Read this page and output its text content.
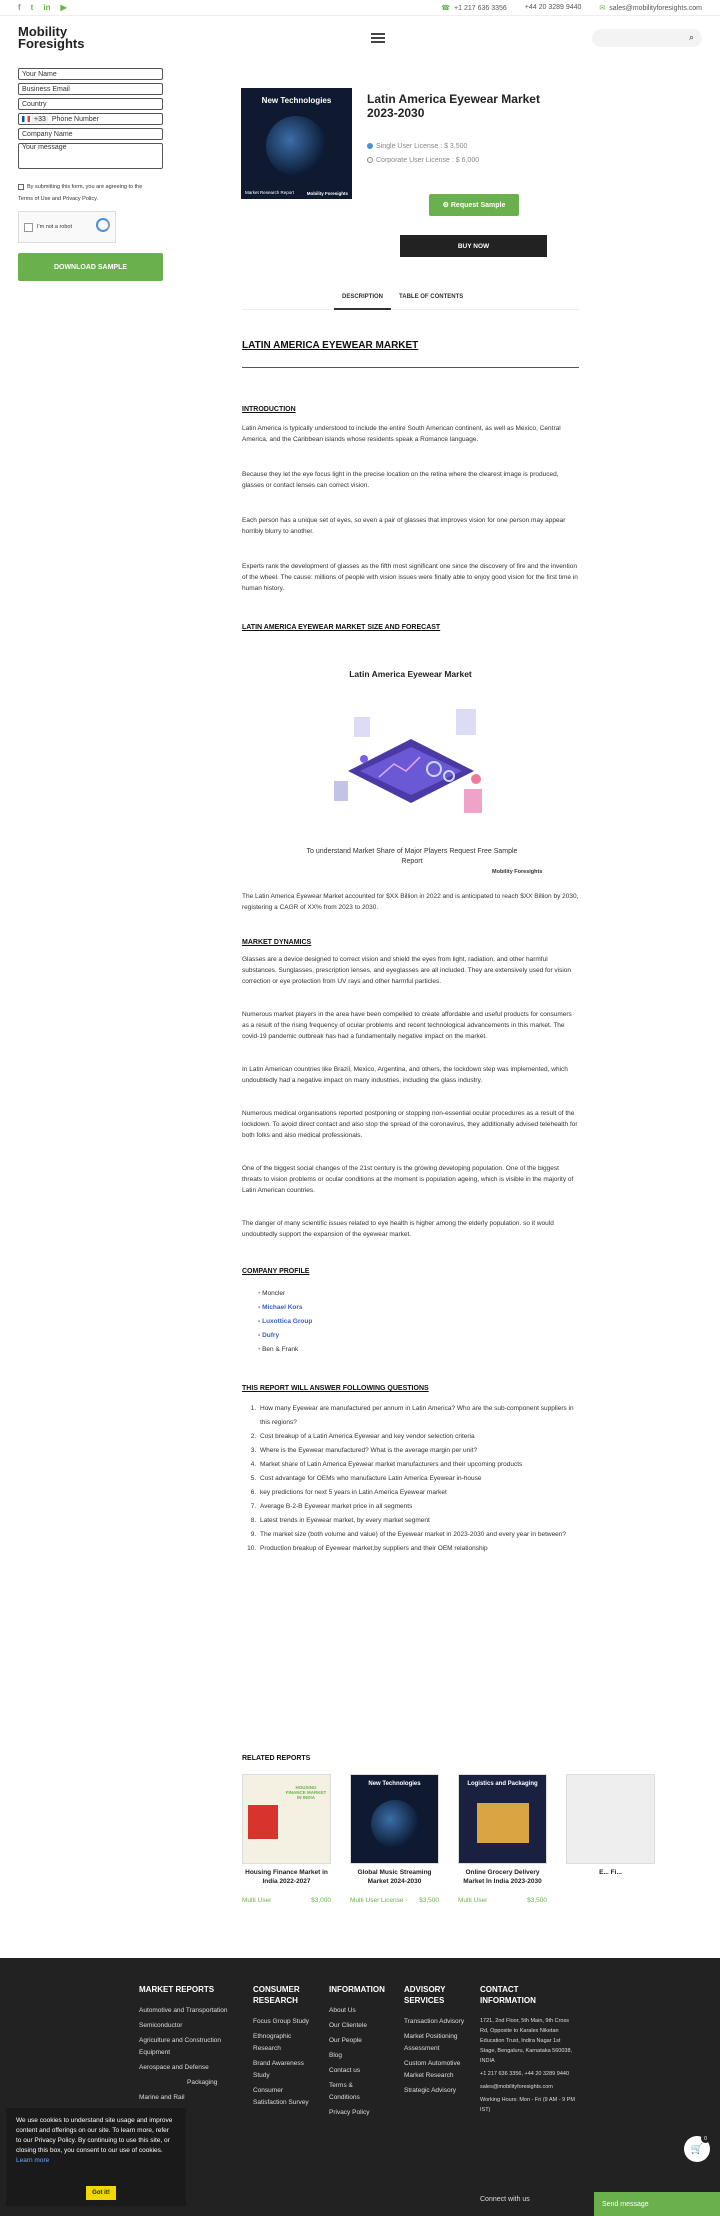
f t in ▶	☎ +1 217 636 3356	+44 20 3289 9440	✉ sales@mobilityforesights.com
Mobility
Foresights	⌕
Your Name
Business Email
Country
+33 Phone Number
Company Name
Your message
By submitting this form, you are agreeing to the
Terms of Use and Privacy Policy.
I'm not a robot
DOWNLOAD SAMPLE
New Technologies
Market Research Report	Mobility Foresights
Latin America Eyewear Market 2023-2030
Single User License : $ 3,500
Corporate User License : $ 6,000
⚙ Request Sample
BUY NOW
DESCRIPTION	TABLE OF CONTENTS
LATIN AMERICA EYEWEAR MARKET
INTRODUCTION

Latin America is typically understood to include the entire South American continent, as well as Mexico, Central America, and the Caribbean islands whose residents speak a Romance language.

Because they let the eye focus light in the precise location on the retina where the clearest image is produced, glasses or contact lenses can correct vision.

Each person has a unique set of eyes, so even a pair of glasses that improves vision for one person may appear horribly blurry to another.

Experts rank the development of glasses as the fifth most significant one since the discovery of fire and the invention of the wheel. The cause: millions of people with vision issues were finally able to enjoy good vision for the first time in human history.

LATIN AMERICA EYEWEAR MARKET SIZE AND FORECAST
Latin America Eyewear Market
To understand Market Share of Major Players Request Free Sample Report
Mobility Foresights

The Latin America Eyewear Market accounted for $XX Billion in 2022 and is anticipated to reach $XX Billion by 2030, registering a CAGR of XX% from 2023 to 2030.

MARKET DYNAMICS

Glasses are a device designed to correct vision and shield the eyes from light, radiation, and other harmful substances. Sunglasses, prescription lenses, and eyeglasses are all included. They are extensively used for vision correction or eye protection from UV rays and other harmful particles.

Numerous market players in the area have been compelled to create affordable and useful products for consumers as a result of the rising frequency of ocular problems and recent technological advancements in this market. The covid-19 pandemic outbreak has had a fundamentally negative impact on the market.

In Latin American countries like Brazil, Mexico, Argentina, and others, the lockdown step was implemented, which undoubtedly had a negative impact on many industries, including the glass industry.

Numerous medical organisations reported postponing or stopping non-essential ocular procedures as a result of the lockdown. To avoid direct contact and also stop the spread of the coronavirus, they additionally advised telehealth for both folks and also medical professionals.

One of the biggest social changes of the 21st century is the growing developing population. One of the biggest threats to vision problems or ocular conditions at the moment is population ageing, which is visible in the majority of Latin American countries.

The danger of many scientific issues related to eye health is higher among the elderly population. so it would undoubtedly support the expansion of the eyewear market.

COMPANY PROFILE
• Moncler
• Michael Kors
• Luxottica Group
• Dufry
• Ben & Frank
THIS REPORT WILL ANSWER FOLLOWING QUESTIONS
1. How many Eyewear are manufactured per annum in Latin America? Who are the sub-component suppliers in this regions?
2. Cost breakup of a Latin America Eyewear and key vendor selection criteria
3. Where is the Eyewear manufactured? What is the average margin per unit?
4. Market share of Latin America Eyewear market manufacturers and their upcoming products
5. Cost advantage for OEMs who manufacture Latin America Eyewear in-house
6. key predictions for next 5 years in Latin America Eyewear market
7. Average B-2-B Eyewear market price in all segments
8. Latest trends in Eyewear market, by every market segment
9. The market size (both volume and value) of the Eyewear market in 2023-2030 and every year in between?
10. Production breakup of Eyewear market,by suppliers and their OEM relationship
RELATED REPORTS
HOUSING FINANCE MARKET IN INDIA
Housing Finance Market in India 2022-2027
Multi User	$3,000
New Technologies
Global Music Streaming Market 2024-2030
Multi User License - $3,500
Logistics and Packaging
Online Grocery Delivery Market In India 2023-2030
Multi User	$3,500
E... Fi...
MARKET REPORTS
Automotive and Transportation
Semiconductor
Agriculture and Construction Equipment
Aerospace and Defense
Packaging
Marine and Rail
CONSUMER RESEARCH
Focus Group Study
Ethnographic Research
Brand Awareness Study
Consumer Satisfaction Survey
INFORMATION
About Us
Our Clientele
Our People
Blog
Contact us
Terms & Conditions
Privacy Policy
ADVISORY SERVICES
Transaction Advisory
Market Positioning Assessment
Custom Automotive Market Research
Strategic Advisory
CONTACT INFORMATION
1721, 2nd Floor, 5th Main, 9th Cross Rd, Opposite to Karalex Niketan Education Trust, Indira Nagar 1st Stage, Bengaluru, Karnataka 560038, INDIA
+1 217 636 3356, +44 20 3289 9440
sales@mobilityforesights.com
Working Hours: Mon - Fri (9 AM - 9 PM IST)
Connect with us
We use cookies to understand site usage and improve content and offerings on our site. To learn more, refer to our Privacy Policy. By continuing to use this site, or closing this box, you consent to our use of cookies. Learn more
Got it!
🛒
0
Send message
